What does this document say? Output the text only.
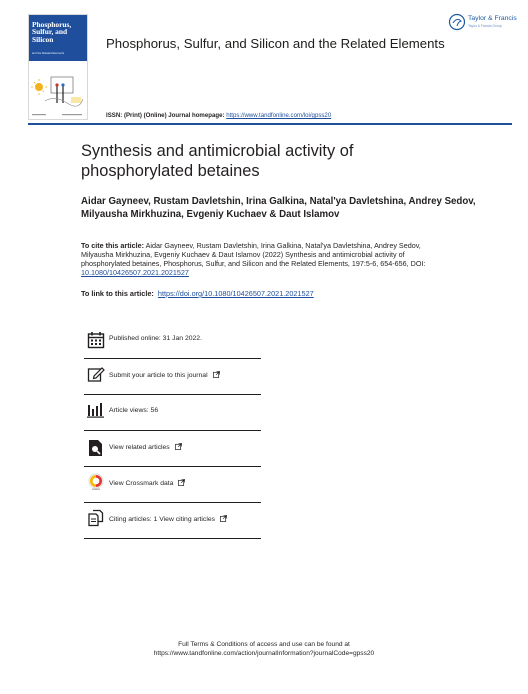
Phosphorus,
Sulfur, and
Silicon
and the Related Elements
Phosphorus, Sulfur, and Silicon and the Related Elements
Taylor & Francis
Taylor & Francis Group
ISSN: (Print) (Online) Journal homepage: https://www.tandfonline.com/loi/gpss20
Synthesis and antimicrobial activity of phosphorylated betaines
Aidar Gayneev, Rustam Davletshin, Irina Galkina, Natal'ya Davletshina, Andrey Sedov, Milyausha Mirkhuzina, Evgeniy Kuchaev & Daut Islamov
To cite this article: Aidar Gayneev, Rustam Davletshin, Irina Galkina, Natal'ya Davletshina, Andrey Sedov, Milyausha Mirkhuzina, Evgeniy Kuchaev & Daut Islamov (2022) Synthesis and antimicrobial activity of phosphorylated betaines, Phosphorus, Sulfur, and Silicon and the Related Elements, 197:5-6, 654-656, DOI: 10.1080/10426507.2021.2021527
To link to this article: https://doi.org/10.1080/10426507.2021.2021527
Published online: 31 Jan 2022.
Submit your article to this journal
Article views: 56
View related articles
View Crossmark data
Citing articles: 1 View citing articles
Full Terms & Conditions of access and use can be found at
https://www.tandfonline.com/action/journalInformation?journalCode=gpss20
